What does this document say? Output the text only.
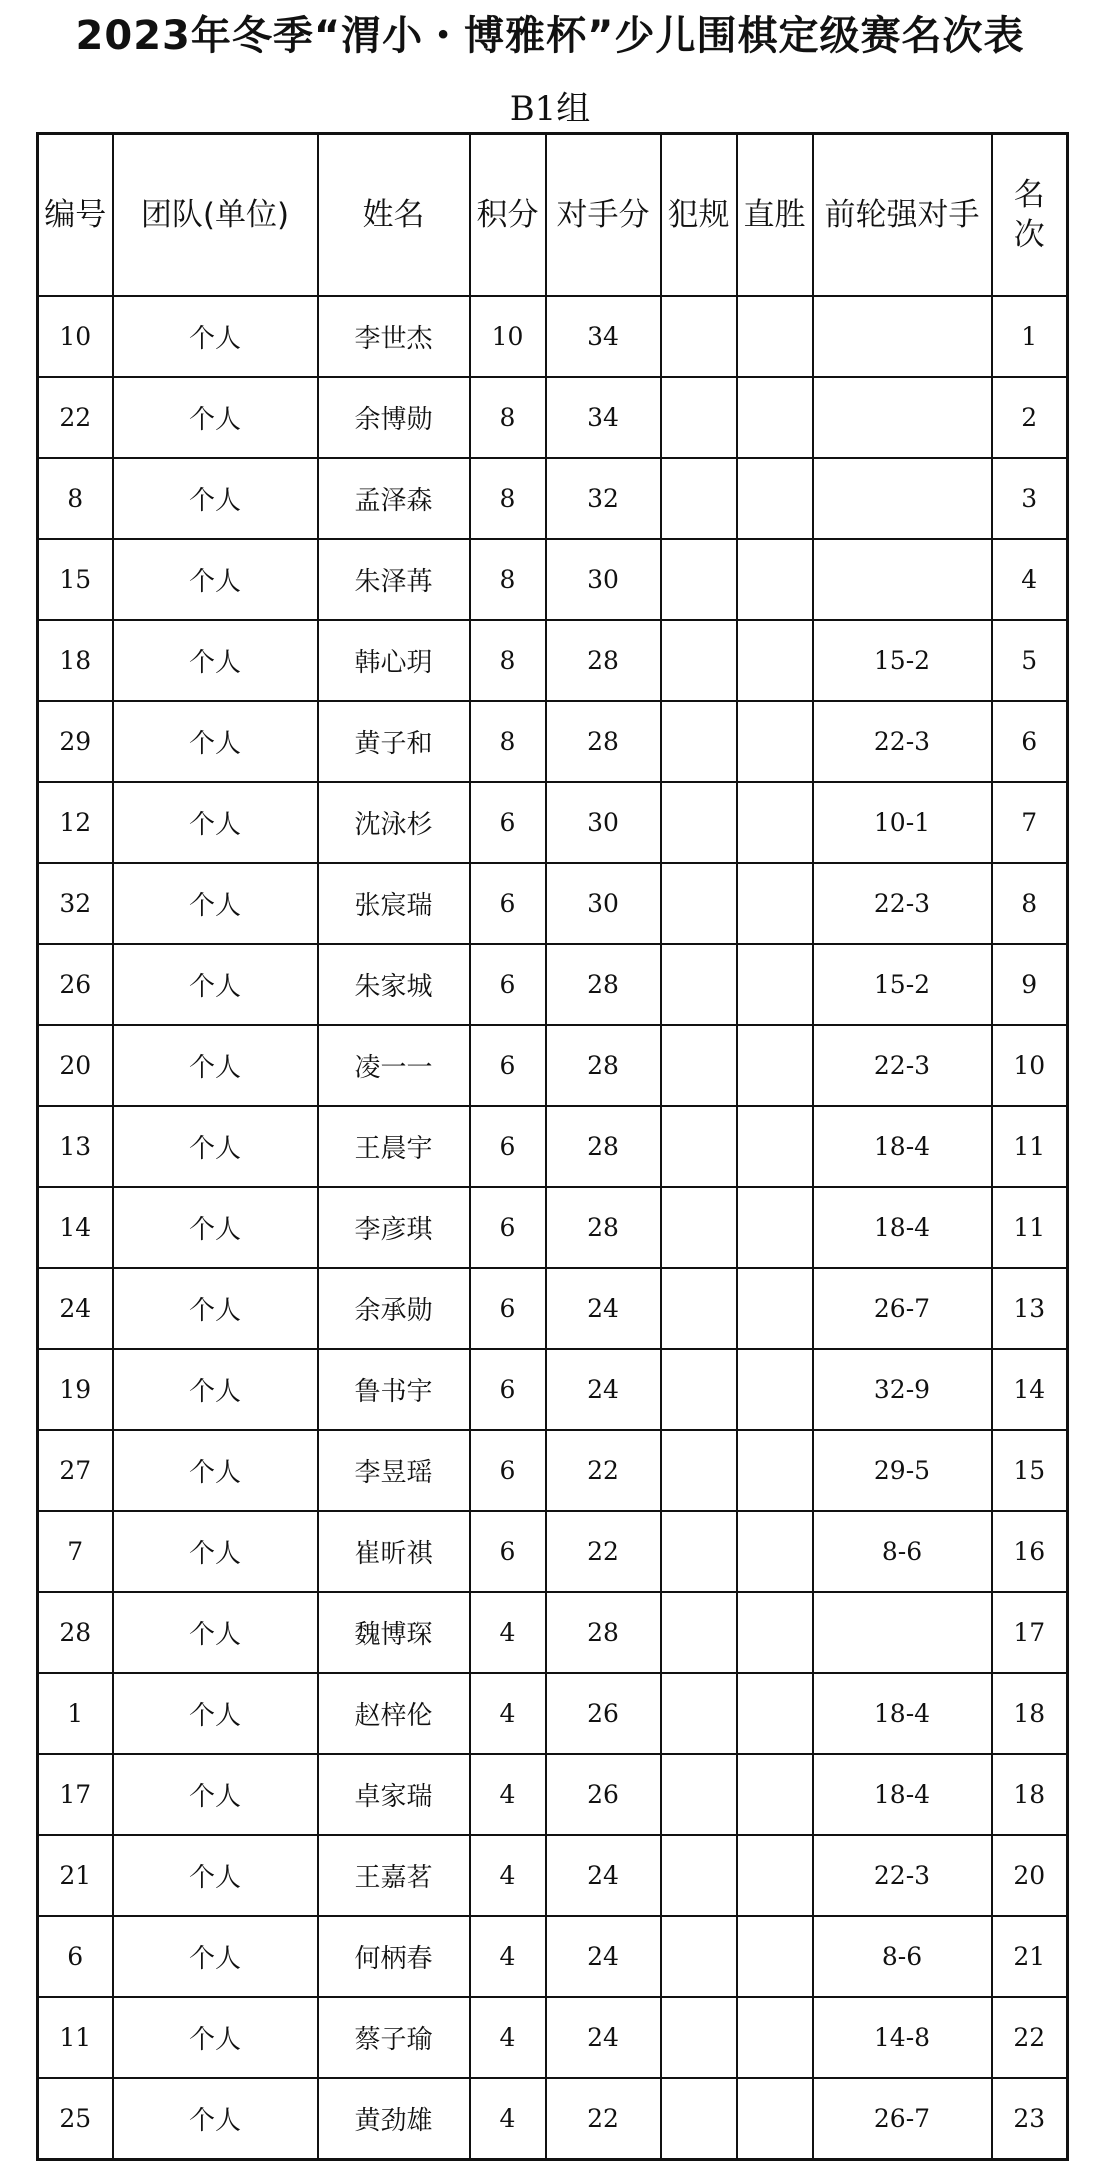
2023年冬季“渭小・博雅杯”少儿围棋定级赛名次表
B1组
编号	团队(单位)	姓名	积分	对手分	犯规	直胜	前轮强对手	名次
10	个人	李世杰	10	34				1
22	个人	余博勋	8	34				2
8	个人	孟泽森	8	32				3
15	个人	朱泽苒	8	30				4
18	个人	韩心玥	8	28			15-2	5
29	个人	黄子和	8	28			22-3	6
12	个人	沈泳杉	6	30			10-1	7
32	个人	张宸瑞	6	30			22-3	8
26	个人	朱家城	6	28			15-2	9
20	个人	凌一一	6	28			22-3	10
13	个人	王晨宇	6	28			18-4	11
14	个人	李彦琪	6	28			18-4	11
24	个人	余承勋	6	24			26-7	13
19	个人	鲁书宇	6	24			32-9	14
27	个人	李昱瑶	6	22			29-5	15
7	个人	崔昕祺	6	22			8-6	16
28	个人	魏博琛	4	28				17
1	个人	赵梓伦	4	26			18-4	18
17	个人	卓家瑞	4	26			18-4	18
21	个人	王嘉茗	4	24			22-3	20
6	个人	何柄春	4	24			8-6	21
11	个人	蔡子瑜	4	24			14-8	22
25	个人	黄劲雄	4	22			26-7	23
